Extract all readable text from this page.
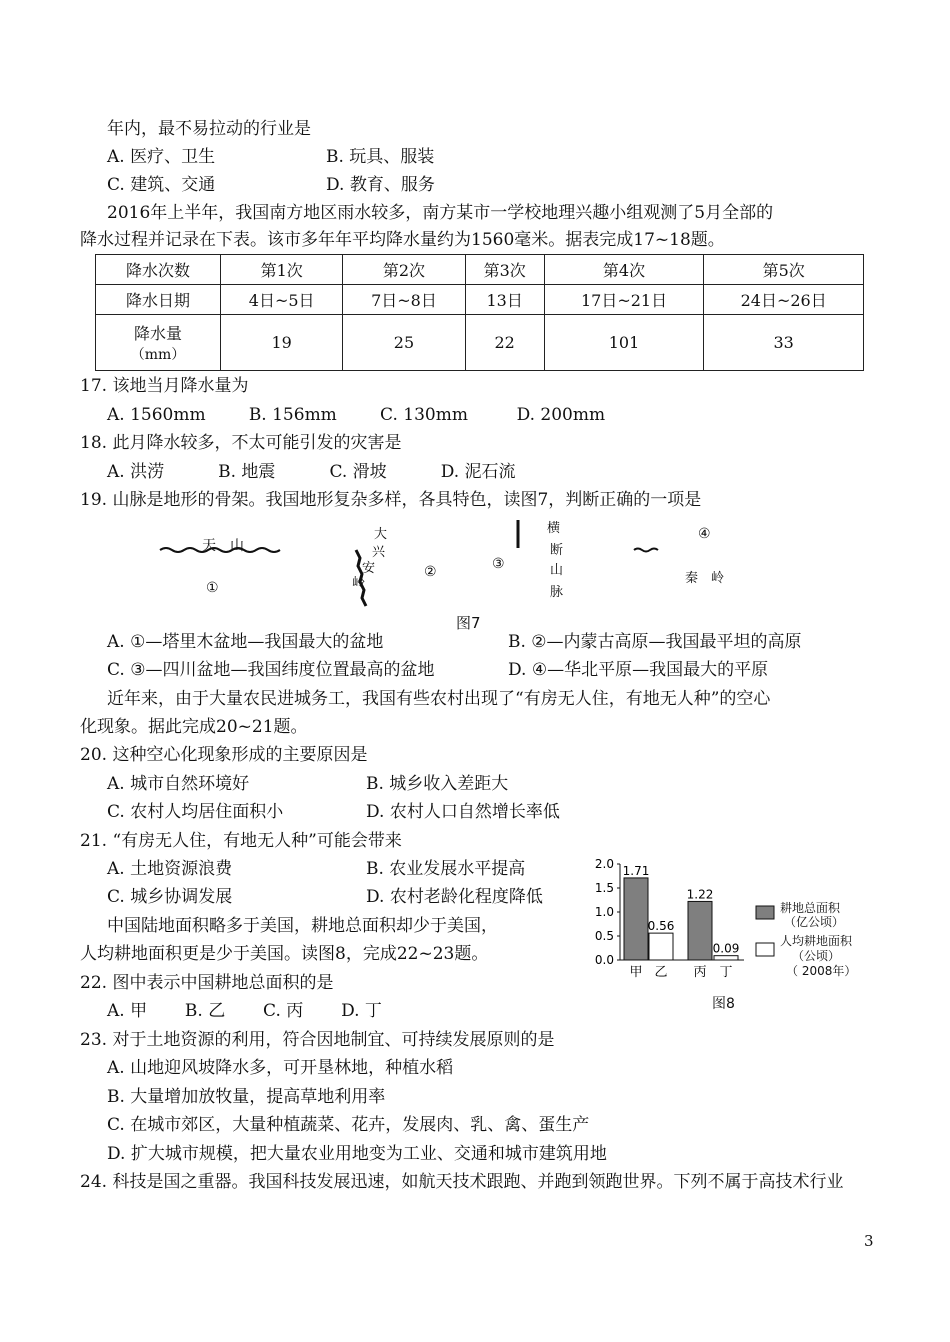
年内，最不易拉动的行业是
A. 医疗、卫生	B. 玩具、服装
C. 建筑、交通	D. 教育、服务
2016年上半年，我国南方地区雨水较多，南方某市一学校地理兴趣小组观测了5月全部的
降水过程并记录在下表。该市多年年平均降水量约为1560毫米。据表完成17~18题。
降水次数	第1次	第2次	第3次	第4次	第5次
降水日期	4日~5日	7日~8日	13日	17日~21日	24日~26日

降水量
（mm）	19	25	22	101	33
17. 该地当月降水量为
A. 1560mm        B. 156mm        C. 130mm         D. 200mm
18. 此月降水较多，不太可能引发的灾害是
A. 洪涝          B. 地震          C. 滑坡          D. 泥石流
19. 山脉是地形的骨架。我国地形复杂多样，各具特色，读图7，判断正确的一项是
天　山
①
大
兴
安
岭
②	③
横
断
山
脉
④
秦　岭
图7
A. ①—塔里木盆地—我国最大的盆地	B. ②—内蒙古高原—我国最平坦的高原
C. ③—四川盆地—我国纬度位置最高的盆地	D. ④—华北平原—我国最大的平原
近年来，由于大量农民进城务工，我国有些农村出现了“有房无人住，有地无人种”的空心
化现象。据此完成20~21题。
20. 这种空心化现象形成的主要原因是
A. 城市自然环境好	B. 城乡收入差距大
C. 农村人均居住面积小	D. 农村人口自然增长率低
21. “有房无人住，有地无人种”可能会带来
A. 土地资源浪费	B. 农业发展水平提高
C. 城乡协调发展	D. 农村老龄化程度降低
中国陆地面积略多于美国，耕地总面积却少于美国，
人均耕地面积更是少于美国。读图8，完成22~23题。
22. 图中表示中国耕地总面积的是
A. 甲       B. 乙       C. 丙       D. 丁
2.0
1.5
1.0
0.5
0.0
1.71
甲
0.56
乙
1.22
丙
0.09
丁
耕地总面积
（亿公顷）
人均耕地面积
（公顷）
（ 2008年）
图8
23. 对于土地资源的利用，符合因地制宜、可持续发展原则的是
A. 山地迎风坡降水多，可开垦林地，种植水稻
B. 大量增加放牧量，提高草地利用率
C. 在城市郊区，大量种植蔬菜、花卉，发展肉、乳、禽、蛋生产
D. 扩大城市规模，把大量农业用地变为工业、交通和城市建筑用地
24. 科技是国之重器。我国科技发展迅速，如航天技术跟跑、并跑到领跑世界。下列不属于高技术行业
3
